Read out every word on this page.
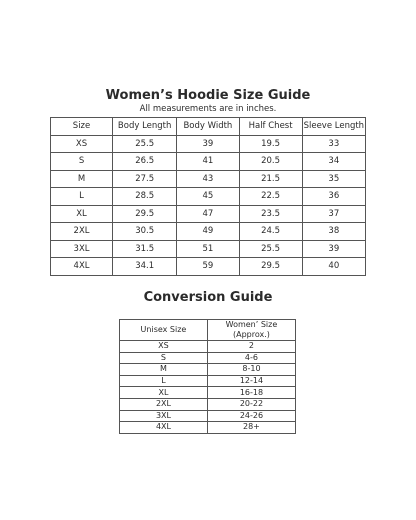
Women’s Hoodie Size Guide
All measurements are in inches.
Size	Body Length	Body Width	Half Chest	Sleeve Length
XS	25.5	39	19.5	33
S	26.5	41	20.5	34
M	27.5	43	21.5	35
L	28.5	45	22.5	36
XL	29.5	47	23.5	37
2XL	30.5	49	24.5	38
3XL	31.5	51	25.5	39
4XL	34.1	59	29.5	40
Conversion Guide
Unisex Size	Women’ Size (Approx.)
XS	2
S	4-6
M	8-10
L	12-14
XL	16-18
2XL	20-22
3XL	24-26
4XL	28+
